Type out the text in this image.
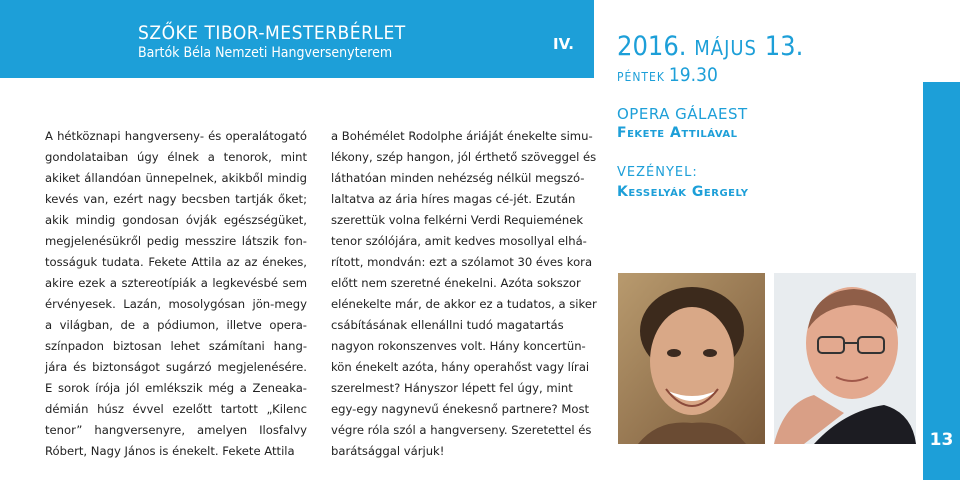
SZŐKE TIBOR-MESTERBÉRLET
Bartók Béla Nemzeti Hangversenyterem	IV. 2016. MÁJUS 13.
PÉNTEK 19.30
A hétköznapi hangverseny- és operalátogató
gondolataiban úgy élnek a tenorok, mint
akiket állandóan ünnepelnek, akikből mindig
kevés van, ezért nagy becsben tartják őket;
akik mindig gondosan óvják egészségüket,
megjelenésükről pedig messzire látszik fon-
tosságuk tudata. Fekete Attila az az énekes,
akire ezek a sztereotípiák a legkevésbé sem
érvényesek. Lazán, mosolygósan jön-megy
a világban, de a pódiumon, illetve opera-
színpadon biztosan lehet számítani hang-
jára és biztonságot sugárzó megjelenésére.
E sorok írója jól emlékszik még a Zeneaka-
démián húsz évvel ezelőtt tartott „Kilenc
tenor” hangversenyre, amelyen Ilosfalvy
Róbert, Nagy János is énekelt. Fekete Attila
a Bohémélet Rodolphe áriáját énekelte simu-
lékony, szép hangon, jól érthető szöveggel és
láthatóan minden nehézség nélkül megszó-
laltatva az ária híres magas cé-jét. Ezután
szerettük volna felkérni Verdi Requiemének
tenor szólójára, amit kedves mosollyal elhá-
rított, mondván: ezt a szólamot 30 éves kora
előtt nem szeretné énekelni. Azóta sokszor
elénekelte már, de akkor ez a tudatos, a siker
csábításának ellenállni tudó magatartás
nagyon rokonszenves volt. Hány koncertün-
kön énekelt azóta, hány operahőst vagy lírai
szerelmest? Hányszor lépett fel úgy, mint
egy-egy nagynevű énekesnő partnere? Most
végre róla szól a hangverseny. Szeretettel és
barátsággal várjuk!
OPERA GÁLAEST
Fekete Attilával
VEZÉNYEL:
Kesselyák Gergely
13
